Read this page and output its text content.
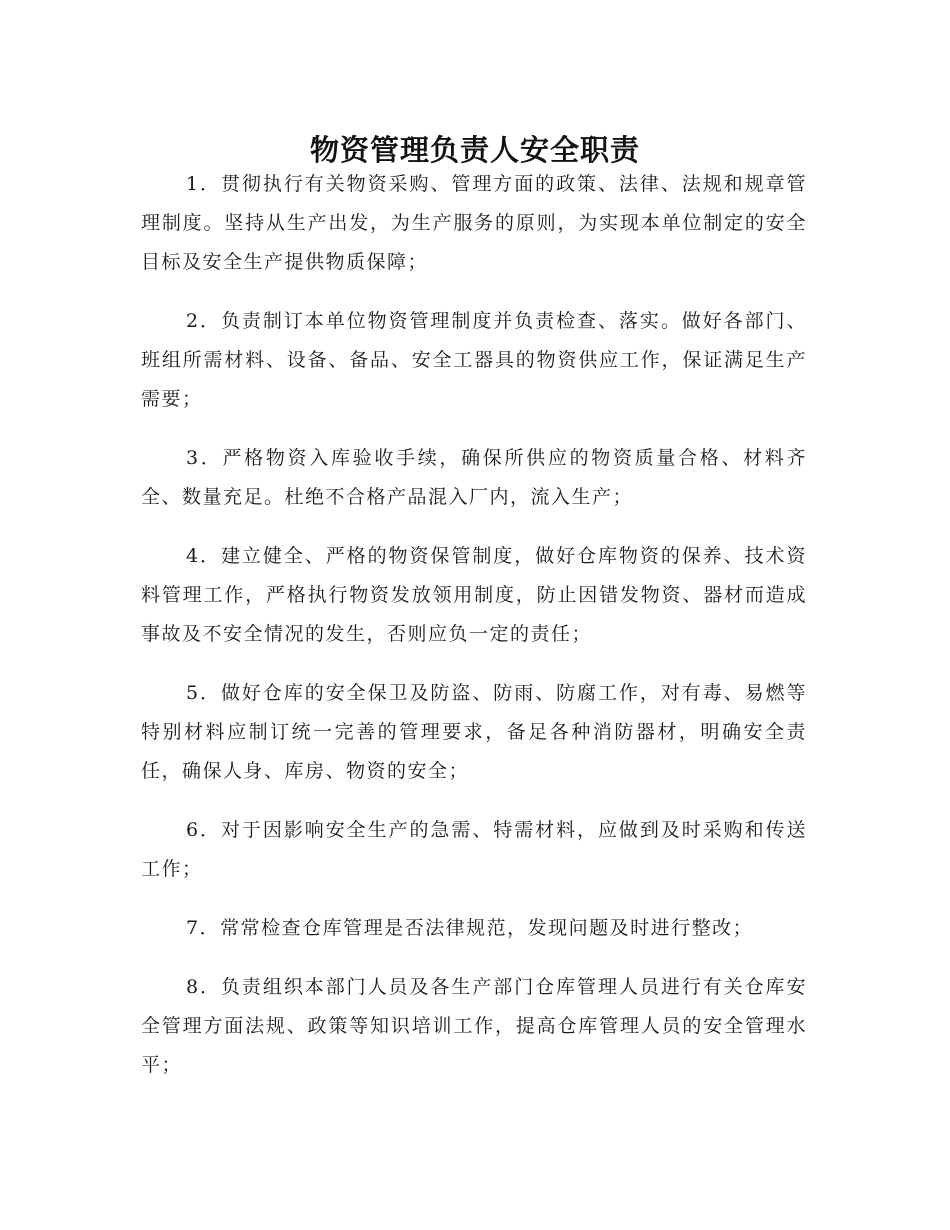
物资管理负责人安全职责

1．贯彻执行有关物资采购、管理方面的政策、法律、法规和规章管理制度。坚持从生产出发，为生产服务的原则，为实现本单位制定的安全目标及安全生产提供物质保障；

2．负责制订本单位物资管理制度并负责检查、落实。做好各部门、班组所需材料、设备、备品、安全工器具的物资供应工作，保证满足生产需要；

3．严格物资入库验收手续，确保所供应的物资质量合格、材料齐全、数量充足。杜绝不合格产品混入厂内，流入生产；

4．建立健全、严格的物资保管制度，做好仓库物资的保养、技术资料管理工作，严格执行物资发放领用制度，防止因错发物资、器材而造成事故及不安全情况的发生，否则应负一定的责任；

5．做好仓库的安全保卫及防盗、防雨、防腐工作，对有毒、易燃等特别材料应制订统一完善的管理要求，备足各种消防器材，明确安全责任，确保人身、库房、物资的安全；

6．对于因影响安全生产的急需、特需材料，应做到及时采购和传送工作；

7．常常检查仓库管理是否法律规范，发现问题及时进行整改；

8．负责组织本部门人员及各生产部门仓库管理人员进行有关仓库安全管理方面法规、政策等知识培训工作，提高仓库管理人员的安全管理水平；
